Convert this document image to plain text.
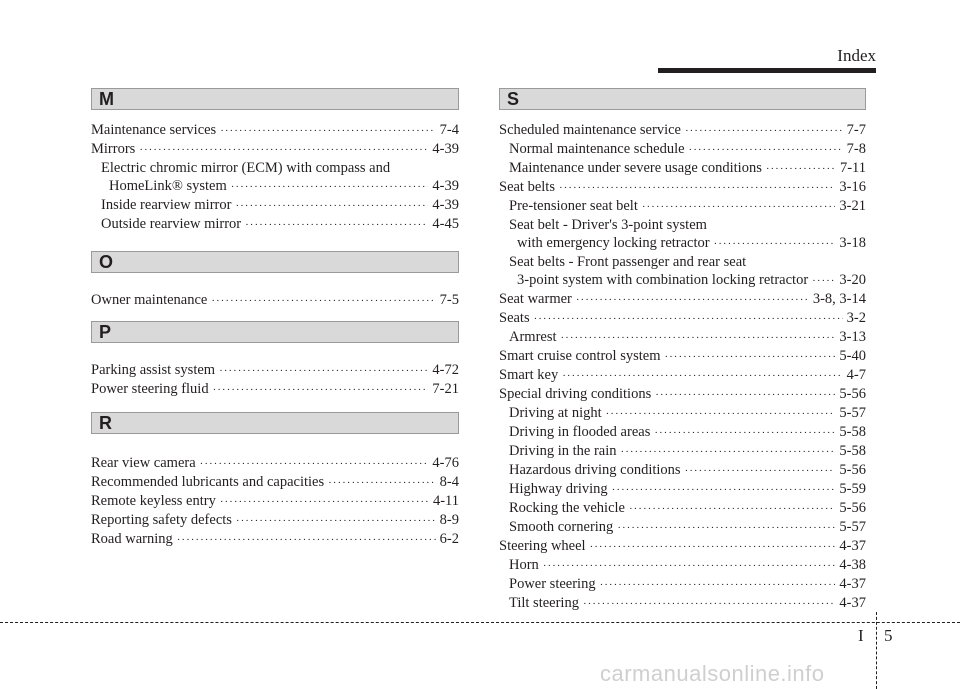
Index
M
Maintenance services ·····	7-4
Mirrors ·····	4-39
Electric chromic mirror (ECM) with compass and
HomeLink® system ·····	4-39
Inside rearview mirror ·····	4-39
Outside rearview mirror ·····	4-45
O
Owner maintenance ·····	7-5
P
Parking assist system ·····	4-72
Power steering fluid ·····	7-21
R
Rear view camera ·····	4-76
Recommended lubricants and capacities ·····	8-4
Remote keyless entry ·····	4-11
Reporting safety defects ·····	8-9
Road warning ·····	6-2
S
Scheduled maintenance service ·····	7-7
Normal maintenance schedule ·····	7-8
Maintenance under severe usage conditions ·····	7-11
Seat belts ·····	3-16
Pre-tensioner seat belt ·····	3-21
Seat belt - Driver's 3-point system
with emergency locking retractor ·····	3-18
Seat belts - Front passenger and rear seat
3-point system with combination locking retractor ····· 3-20
Seat warmer ·····	3-8, 3-14
Seats ·····	3-2
Armrest ·····	3-13
Smart cruise control system ·····	5-40
Smart key ·····	4-7
Special driving conditions ·····	5-56
Driving at night ·····	5-57
Driving in flooded areas ·····	5-58
Driving in the rain ·····	5-58
Hazardous driving conditions ·····	5-56
Highway driving ·····	5-59
Rocking the vehicle ·····	5-56
Smooth cornering ·····	5-57
Steering wheel ·····	4-37
Horn ·····	4-38
Power steering ·····	4-37
Tilt steering ·····	4-37
I 5
carmanualsonline.info
